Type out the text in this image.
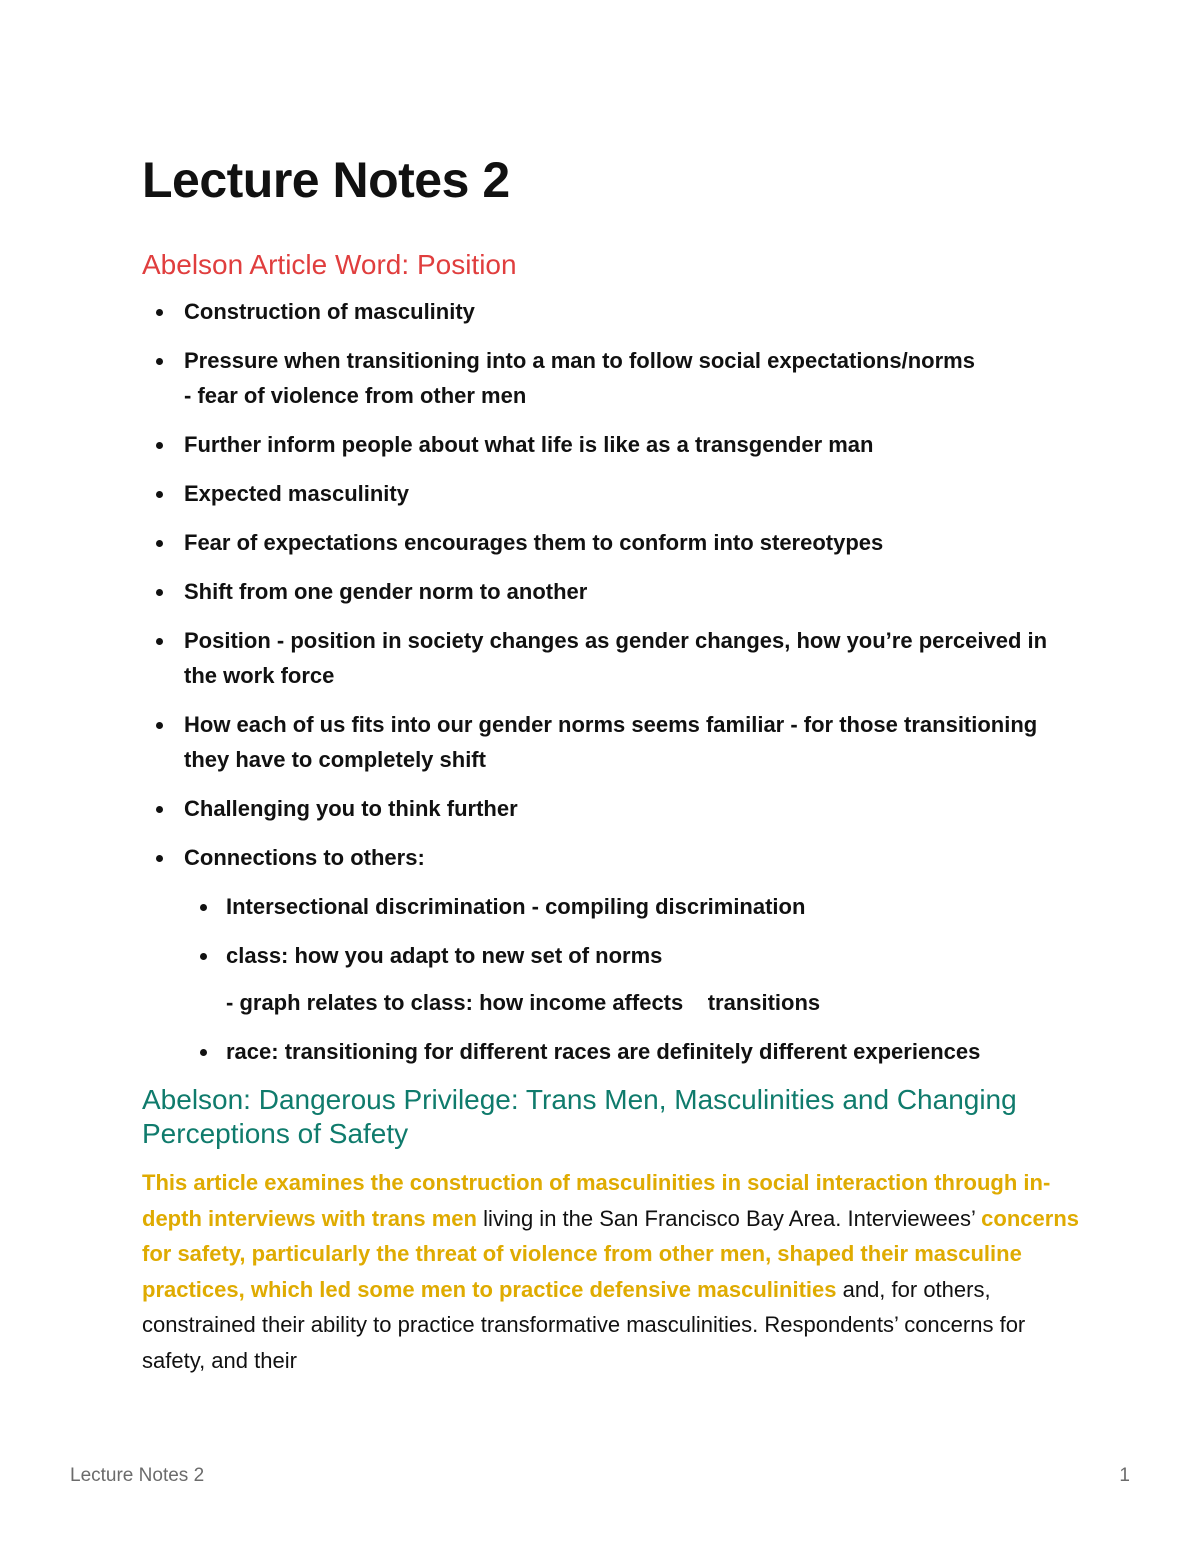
Lecture Notes 2
Abelson Article Word: Position
Construction of masculinity
Pressure when transitioning into a man to follow social expectations/norms
- fear of violence from other men
Further inform people about what life is like as a transgender man
Expected masculinity
Fear of expectations encourages them to conform into stereotypes
Shift from one gender norm to another
Position - position in society changes as gender changes, how you’re perceived in the work force
How each of us fits into our gender norms seems familiar - for those transitioning they have to completely shift
Challenging you to think further
Connections to others:
Intersectional discrimination - compiling discrimination
class: how you adapt to new set of norms
- graph relates to class: how income affects    transitions
race: transitioning for different races are definitely different experiences
Abelson: Dangerous Privilege: Trans Men, Masculinities and Changing Perceptions of Safety

This article examines the construction of masculinities in social interaction through in-depth interviews with trans men living in the San Francisco Bay Area. Interviewees’ concerns for safety, particularly the threat of violence from other men, shaped their masculine practices, which led some men to practice defensive masculinities and, for others, constrained their ability to practice transformative masculinities. Respondents’ concerns for safety, and their

Lecture Notes 2	1
